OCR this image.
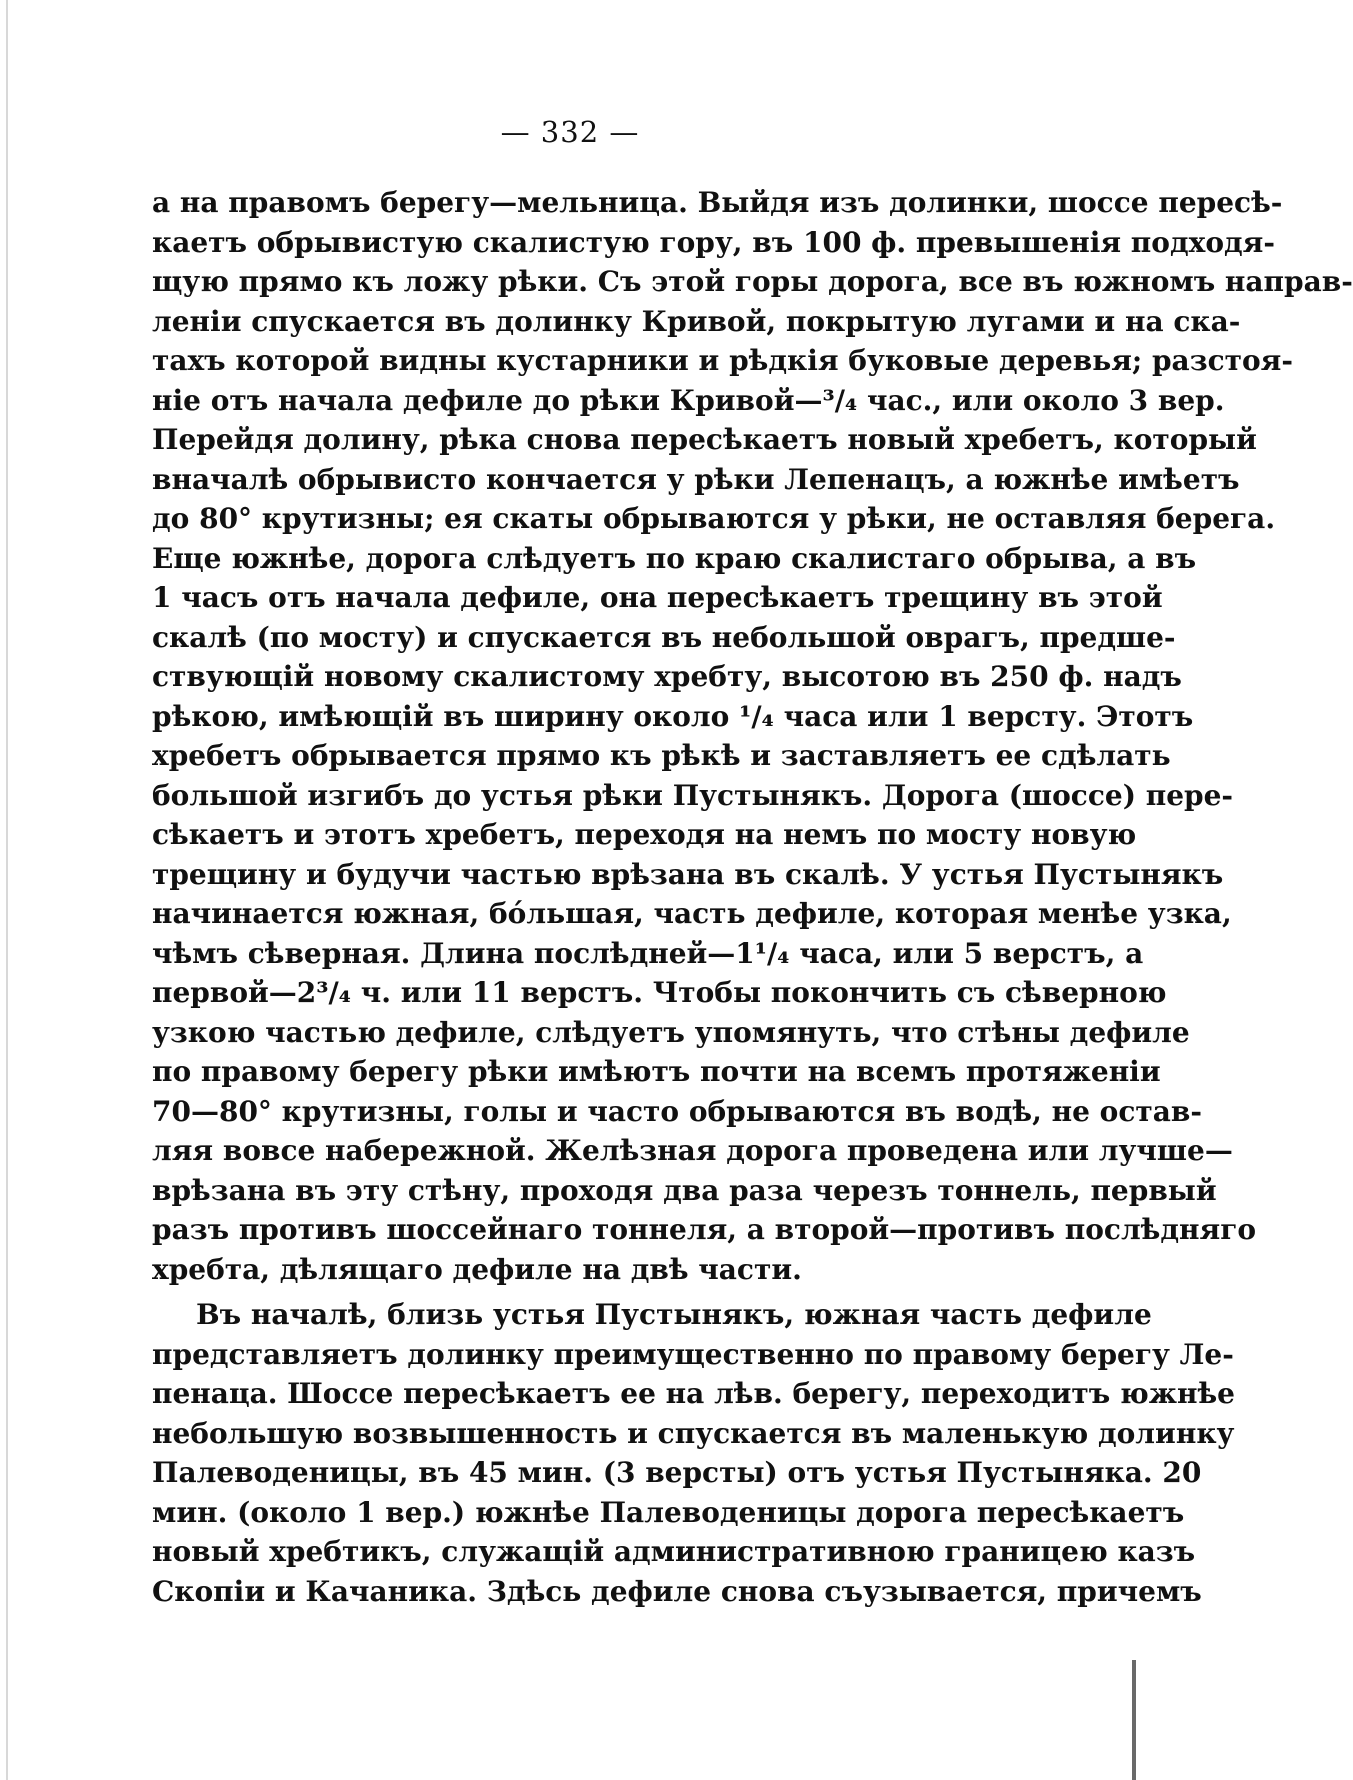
— 332 —
а на правомъ берегу—мельница. Выйдя изъ долинки, шоссе пересѣ-
каетъ обрывистую скалистую гору, въ 100 ф. превышенія подходя-
щую прямо къ ложу рѣки. Съ этой горы дорога, все въ южномъ направ-
леніи спускается въ долинку Кривой, покрытую лугами и на ска-
тахъ которой видны кустарники и рѣдкія буковые деревья; разстоя-
ніе отъ начала дефиле до рѣки Кривой—³/₄ час., или около 3 вер.
Перейдя долину, рѣка снова пересѣкаетъ новый хребетъ, который
вначалѣ обрывисто кончается у рѣки Лепенацъ, а южнѣе имѣетъ
до 80° крутизны; ея скаты обрываются у рѣки, не оставляя берега.
Еще южнѣе, дорога слѣдуетъ по краю скалистаго обрыва, а въ
1 часъ отъ начала дефиле, она пересѣкаетъ трещину въ этой
скалѣ (по мосту) и спускается въ небольшой оврагъ, предше-
ствующій новому скалистому хребту, высотою въ 250 ф. надъ
рѣкою, имѣющій въ ширину около ¹/₄ часа или 1 версту. Этотъ
хребетъ обрывается прямо къ рѣкѣ и заставляетъ ее сдѣлать
большой изгибъ до устья рѣки Пустынякъ. Дорога (шоссе) пере-
сѣкаетъ и этотъ хребетъ, переходя на немъ по мосту новую
трещину и будучи частью врѣзана въ скалѣ. У устья Пустынякъ
начинается южная, бо́льшая, часть дефиле, которая менѣе узка,
чѣмъ сѣверная. Длина послѣдней—1¹/₄ часа, или 5 верстъ, а
первой—2³/₄ ч. или 11 верстъ. Чтобы покончить съ сѣверною
узкою частью дефиле, слѣдуетъ упомянуть, что стѣны дефиле
по правому берегу рѣки имѣютъ почти на всемъ протяженіи
70—80° крутизны, голы и часто обрываются въ водѣ, не остав-
ляя вовсе набережной. Желѣзная дорога проведена или лучше—
врѣзана въ эту стѣну, проходя два раза черезъ тоннель, первый
разъ противъ шоссейнаго тоннеля, а второй—противъ послѣдняго
хребта, дѣлящаго дефиле на двѣ части.
Въ началѣ, близь устья Пустынякъ, южная часть дефиле
представляетъ долинку преимущественно по правому берегу Ле-
пенаца. Шоссе пересѣкаетъ ее на лѣв. берегу, переходитъ южнѣе
небольшую возвышенность и спускается въ маленькую долинку
Палеводеницы, въ 45 мин. (3 версты) отъ устья Пустыняка. 20
мин. (около 1 вер.) южнѣе Палеводеницы дорога пересѣкаетъ
новый хребтикъ, служащій административною границею казъ
Скопіи и Качаника. Здѣсь дефиле снова съузывается, причемъ
